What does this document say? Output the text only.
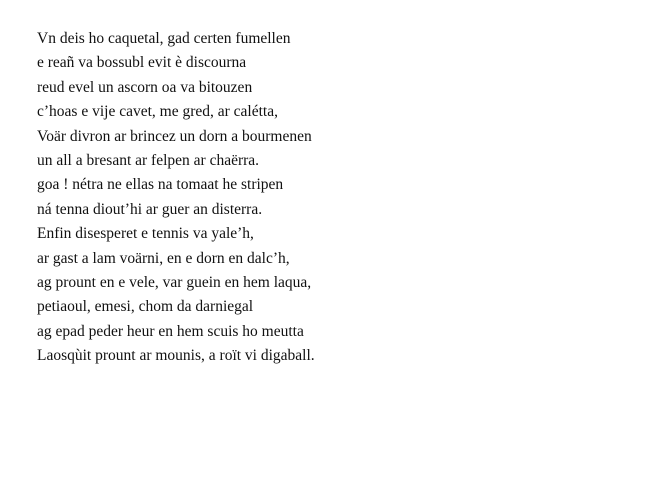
Vn deis ho caquetal, gad certen fumellen
e reañ va bossubl evit è discourna
reud evel un ascorn oa va bitouzen
c’hoas e vije cavet, me gred, ar calétta,
Voär divron ar brincez un dorn a bourmenen
un all a bresant ar felpen ar chaërra.
goa ! nétra ne ellas na tomaat he stripen
ná tenna diout’hi ar guer an disterra.
Enfin disesperet e tennis va yale’h,
ar gast a lam voärni, en e dorn en dalc’h,
ag prount en e vele, var guein en hem laqua,
petiaoul, emesi, chom da darniegal
ag epad peder heur en hem scuis ho meutta
Laosqùit prount ar mounis, a roït vi digaball.
